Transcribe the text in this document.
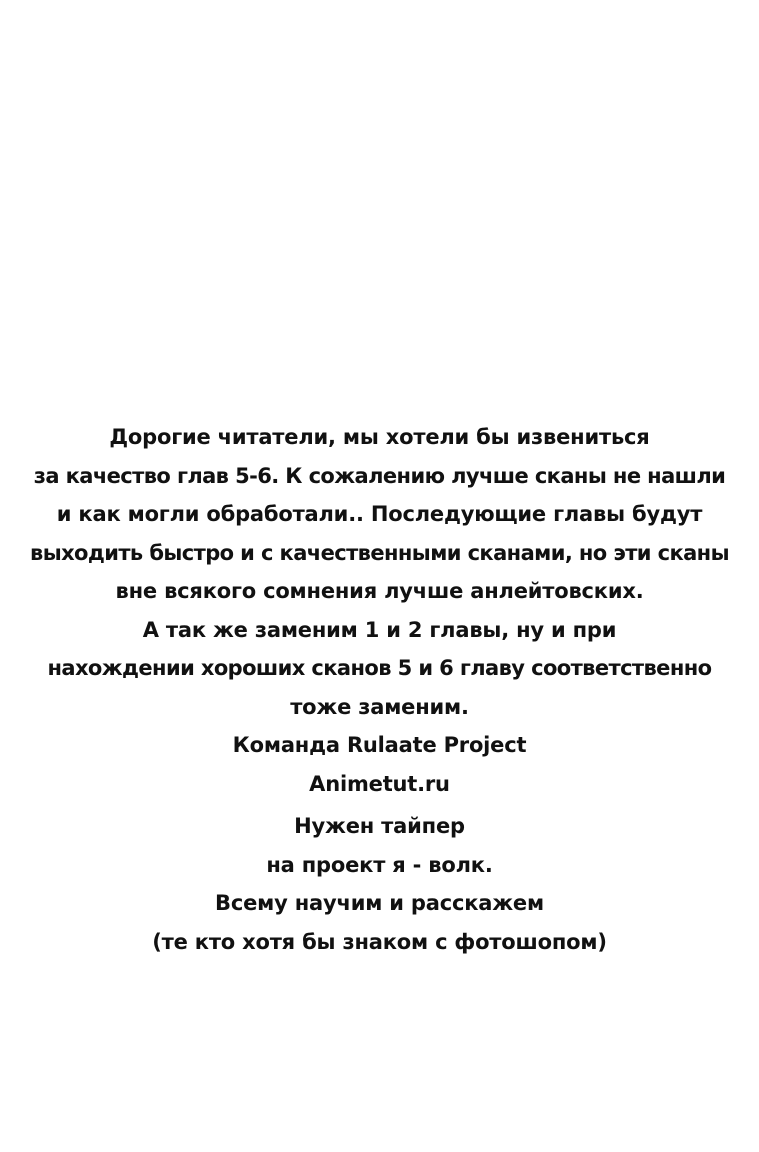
Дорогие читатели, мы хотели бы извениться
за качество глав 5-6. К сожалению лучше сканы не нашли
и как могли обработали.. Последующие главы будут
выходить быстро и с качественными сканами, но эти сканы
вне всякого сомнения лучше анлейтовских.
А так же заменим 1 и 2 главы, ну и при
нахождении хороших сканов 5 и 6 главу соответственно
тоже заменим.
Команда Rulaate Project
Animetut.ru
Нужен тайпер
на проект я - волк.
Всему научим и расскажем
(те кто хотя бы знаком с фотошопом)
